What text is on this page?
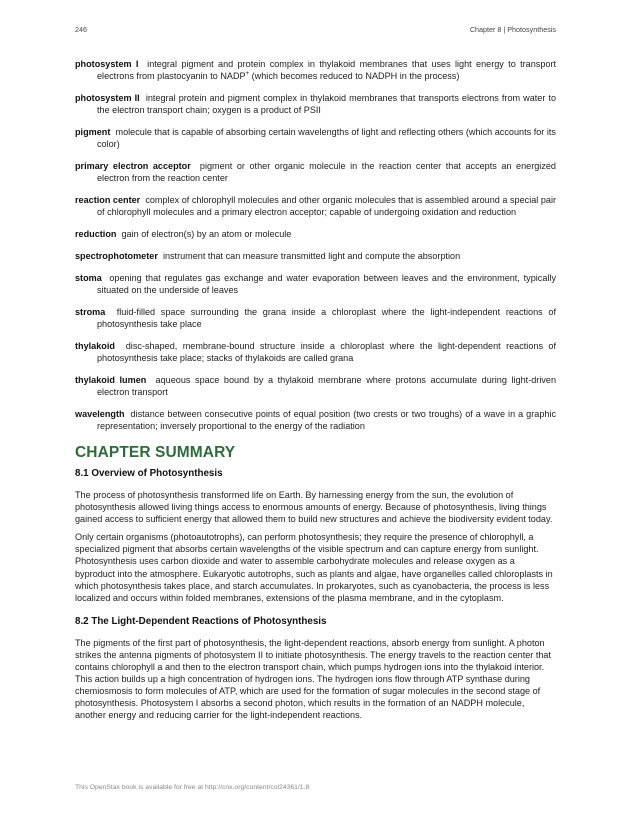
246	Chapter 8 | Photosynthesis

photosystem I integral pigment and protein complex in thylakoid membranes that uses light energy to transport electrons from plastocyanin to NADP+ (which becomes reduced to NADPH in the process)

photosystem II integral protein and pigment complex in thylakoid membranes that transports electrons from water to the electron transport chain; oxygen is a product of PSII

pigment molecule that is capable of absorbing certain wavelengths of light and reflecting others (which accounts for its color)

primary electron acceptor pigment or other organic molecule in the reaction center that accepts an energized electron from the reaction center

reaction center complex of chlorophyll molecules and other organic molecules that is assembled around a special pair of chlorophyll molecules and a primary electron acceptor; capable of undergoing oxidation and reduction

reduction gain of electron(s) by an atom or molecule

spectrophotometer instrument that can measure transmitted light and compute the absorption

stoma opening that regulates gas exchange and water evaporation between leaves and the environment, typically situated on the underside of leaves

stroma fluid-filled space surrounding the grana inside a chloroplast where the light-independent reactions of photosynthesis take place

thylakoid disc-shaped, membrane-bound structure inside a chloroplast where the light-dependent reactions of photosynthesis take place; stacks of thylakoids are called grana

thylakoid lumen aqueous space bound by a thylakoid membrane where protons accumulate during light-driven electron transport

wavelength distance between consecutive points of equal position (two crests or two troughs) of a wave in a graphic representation; inversely proportional to the energy of the radiation

CHAPTER SUMMARY
8.1 Overview of Photosynthesis

The process of photosynthesis transformed life on Earth. By harnessing energy from the sun, the evolution of photosynthesis allowed living things access to enormous amounts of energy. Because of photosynthesis, living things gained access to sufficient energy that allowed them to build new structures and achieve the biodiversity evident today.

Only certain organisms (photoautotrophs), can perform photosynthesis; they require the presence of chlorophyll, a specialized pigment that absorbs certain wavelengths of the visible spectrum and can capture energy from sunlight. Photosynthesis uses carbon dioxide and water to assemble carbohydrate molecules and release oxygen as a byproduct into the atmosphere. Eukaryotic autotrophs, such as plants and algae, have organelles called chloroplasts in which photosynthesis takes place, and starch accumulates. In prokaryotes, such as cyanobacteria, the process is less localized and occurs within folded membranes, extensions of the plasma membrane, and in the cytoplasm.

8.2 The Light-Dependent Reactions of Photosynthesis

The pigments of the first part of photosynthesis, the light-dependent reactions, absorb energy from sunlight. A photon strikes the antenna pigments of photosystem II to initiate photosynthesis. The energy travels to the reaction center that contains chlorophyll a and then to the electron transport chain, which pumps hydrogen ions into the thylakoid interior. This action builds up a high concentration of hydrogen ions. The hydrogen ions flow through ATP synthase during chemiosmosis to form molecules of ATP, which are used for the formation of sugar molecules in the second stage of photosynthesis. Photosystem I absorbs a second photon, which results in the formation of an NADPH molecule, another energy and reducing carrier for the light-independent reactions.

This OpenStax book is available for free at http://cnx.org/content/col24361/1.8
